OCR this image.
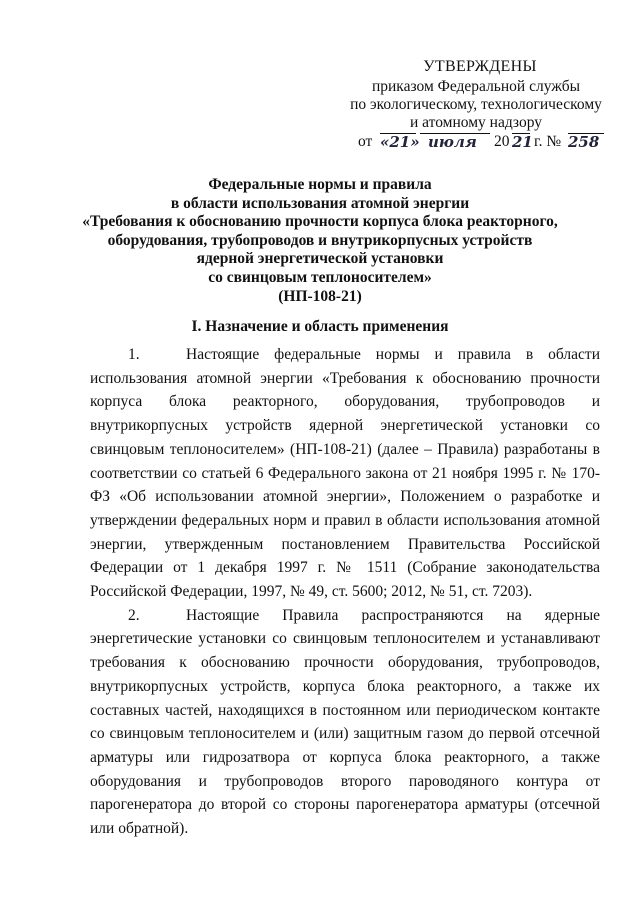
УТВЕРЖДЕНЫ
приказом Федеральной службы
по экологическому, технологическому
и атомному надзору
от «21» июля 20 21 г. № 258
Федеральные нормы и правила
в области использования атомной энергии
«Требования к обоснованию прочности корпуса блока реакторного,
оборудования, трубопроводов и внутрикорпусных устройств
ядерной энергетической установки
со свинцовым теплоносителем»
(НП-108-21)
I. Назначение и область применения

1.	Настоящие федеральные нормы и правила в области использования атомной энергии «Требования к обоснованию прочности корпуса блока реакторного, оборудования, трубопроводов и внутрикорпусных устройств ядерной энергетической установки со свинцовым теплоносителем» (НП-108-21) (далее – Правила) разработаны в соответствии со статьей 6 Федерального закона от 21 ноября 1995 г. № 170-ФЗ «Об использовании атомной энергии», Положением о разработке и утверждении федеральных норм и правил в области использования атомной энергии, утвержденным постановлением Правительства Российской Федерации от 1 декабря 1997 г. № 1511 (Собрание законодательства Российской Федерации, 1997, № 49, ст. 5600; 2012, № 51, ст. 7203).

2.	Настоящие Правила распространяются на ядерные энергетические установки со свинцовым теплоносителем и устанавливают требования к обоснованию прочности оборудования, трубопроводов, внутрикорпусных устройств, корпуса блока реакторного, а также их составных частей, находящихся в постоянном или периодическом контакте со свинцовым теплоносителем и (или) защитным газом до первой отсечной арматуры или гидрозатвора от корпуса блока реакторного, а также оборудования и трубопроводов второго пароводяного контура от парогенератора до второй со стороны парогенератора арматуры (отсечной или обратной).
